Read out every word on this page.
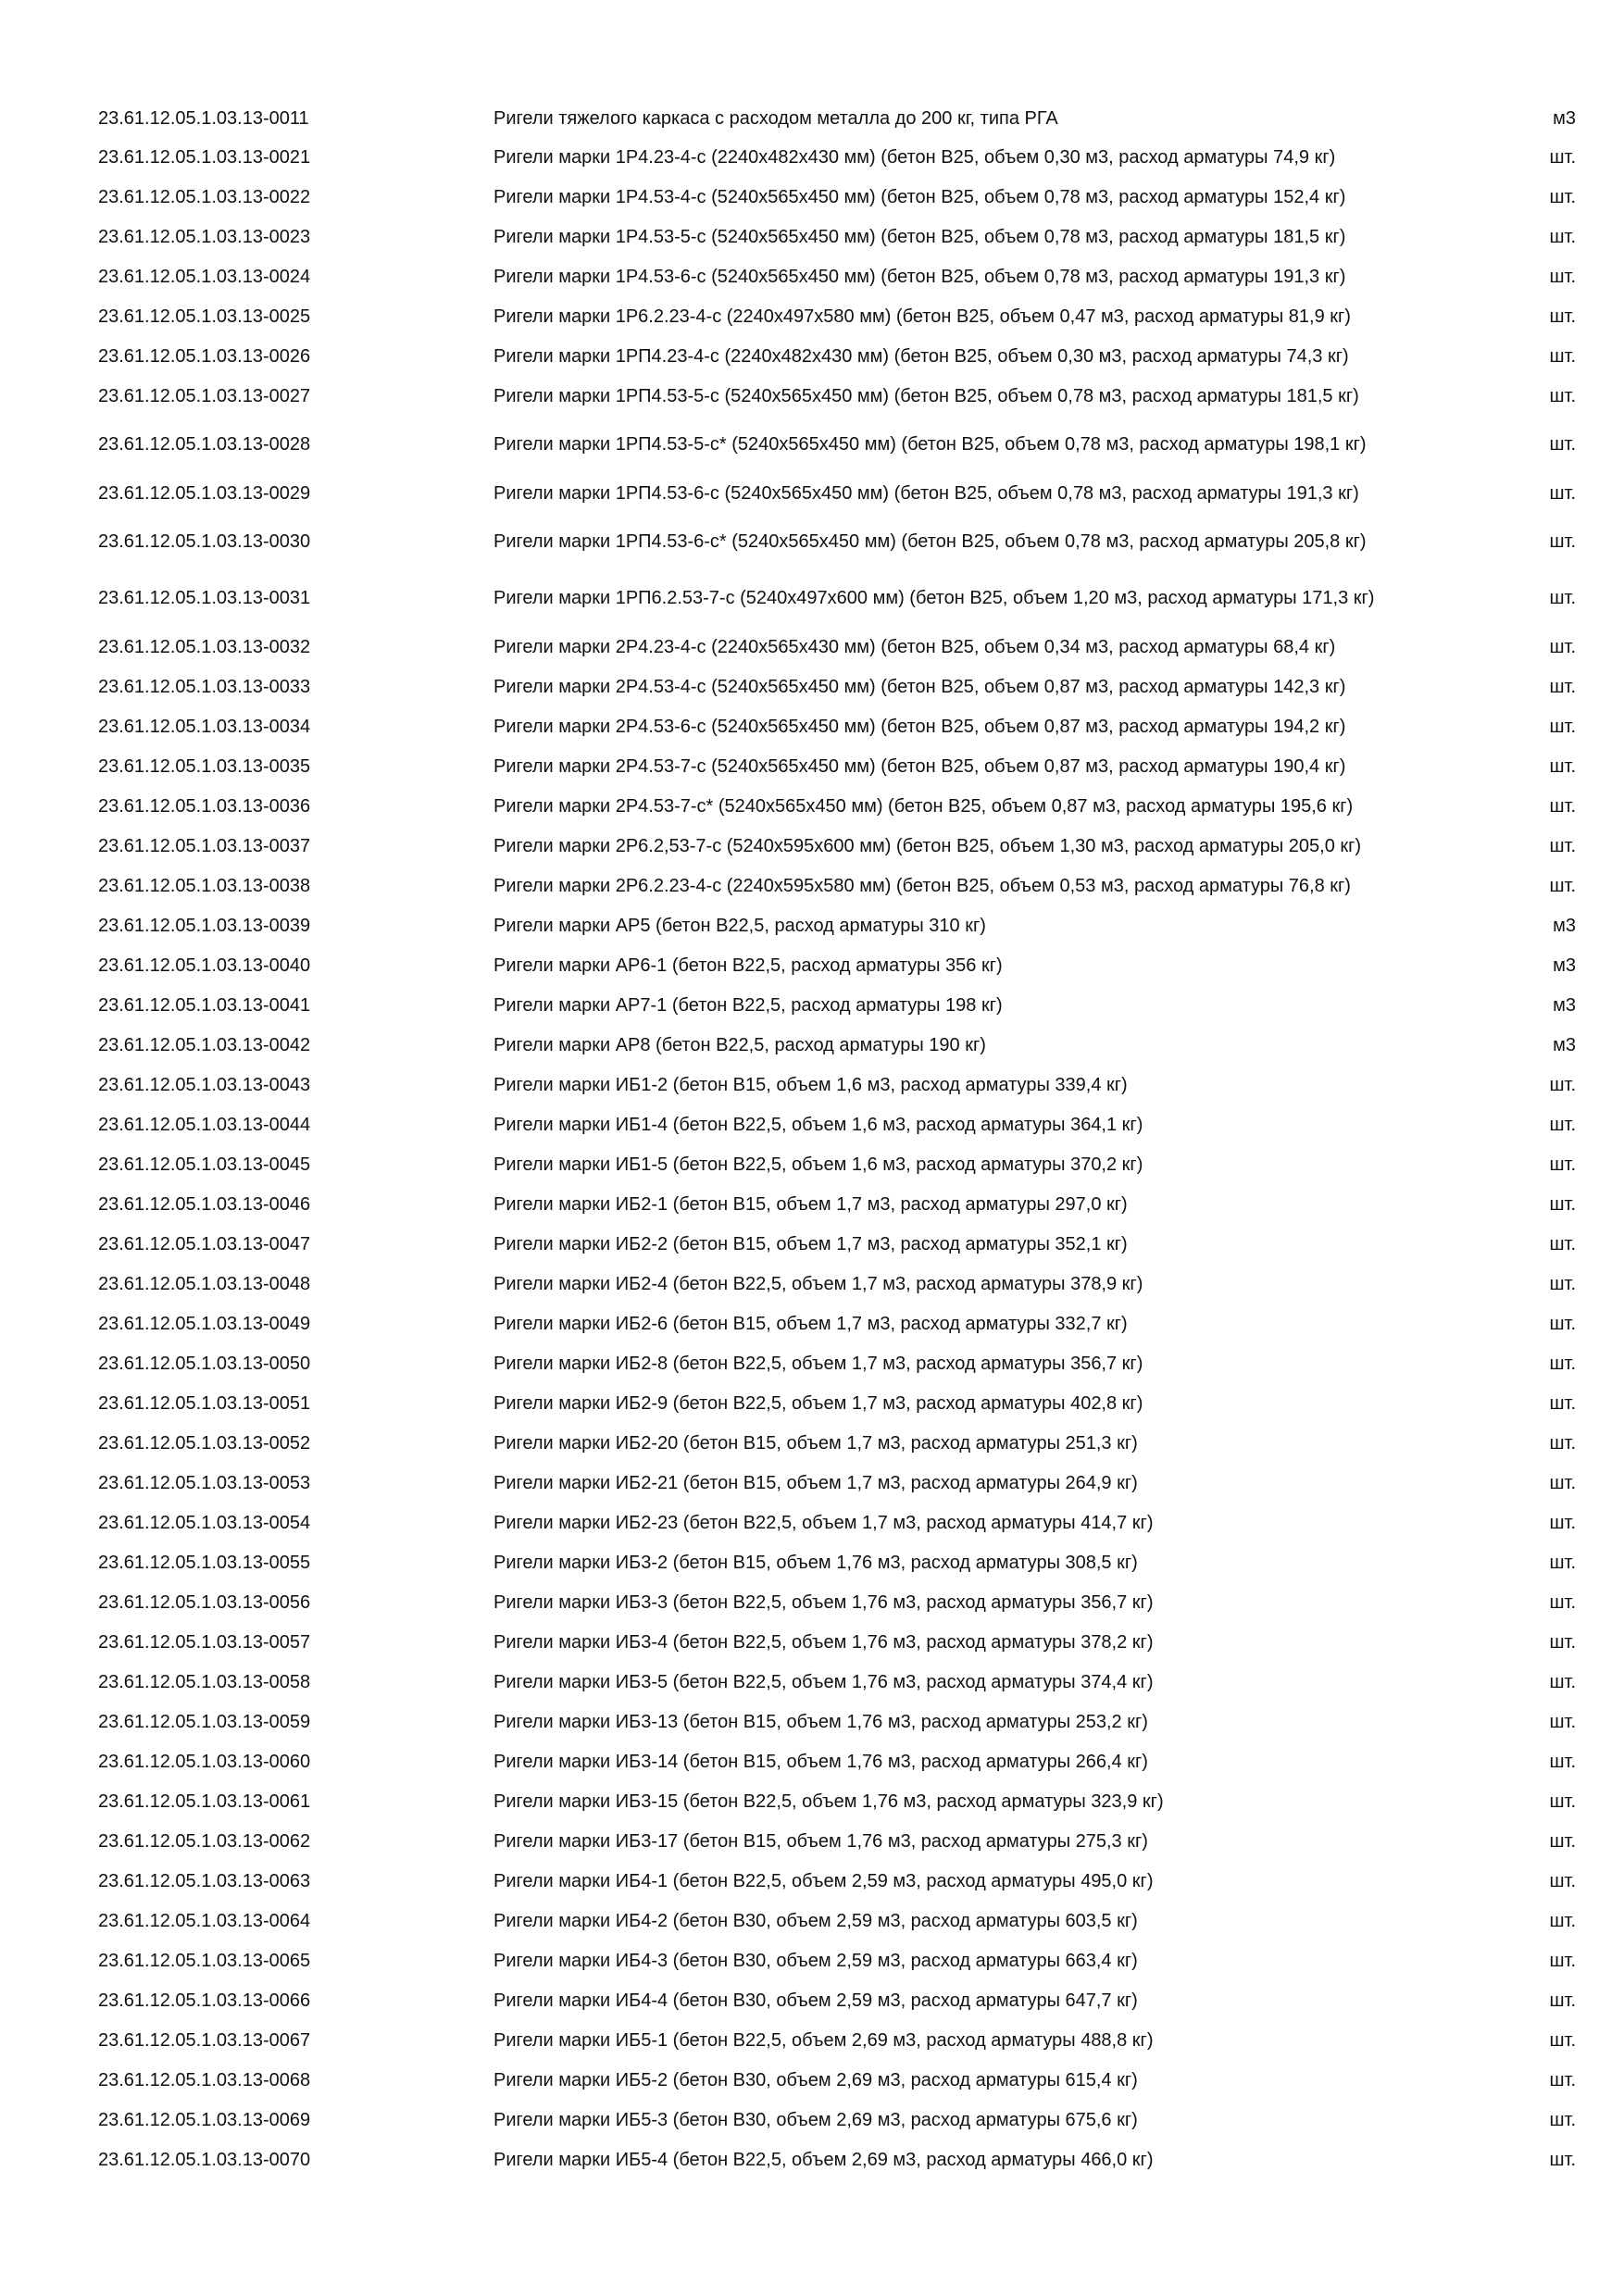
23.61.12.05.1.03.13-0011	Ригели тяжелого каркаса с расходом металла до 200 кг, типа РГА	м3
23.61.12.05.1.03.13-0021	Ригели марки 1Р4.23-4-с (2240х482х430 мм) (бетон В25, объем 0,30 м3, расход арматуры 74,9 кг)	шт.
23.61.12.05.1.03.13-0022	Ригели марки 1Р4.53-4-с (5240х565х450 мм) (бетон В25, объем 0,78 м3, расход арматуры 152,4 кг)	шт.
23.61.12.05.1.03.13-0023	Ригели марки 1Р4.53-5-с (5240х565х450 мм) (бетон В25, объем 0,78 м3, расход арматуры 181,5 кг)	шт.
23.61.12.05.1.03.13-0024	Ригели марки 1Р4.53-6-с (5240х565х450 мм) (бетон В25, объем 0,78 м3, расход арматуры 191,3 кг)	шт.
23.61.12.05.1.03.13-0025	Ригели марки 1Р6.2.23-4-с (2240х497х580 мм) (бетон В25, объем 0,47 м3, расход арматуры 81,9 кг)	шт.
23.61.12.05.1.03.13-0026	Ригели марки 1РП4.23-4-с (2240х482х430 мм) (бетон В25, объем 0,30 м3, расход арматуры 74,3 кг)	шт.
23.61.12.05.1.03.13-0027	Ригели марки 1РП4.53-5-с (5240х565х450 мм) (бетон В25, объем 0,78 м3, расход арматуры 181,5 кг)	шт.
23.61.12.05.1.03.13-0028	Ригели марки 1РП4.53-5-с* (5240х565х450 мм) (бетон В25, объем 0,78 м3, расход арматуры 198,1 кг)	шт.
23.61.12.05.1.03.13-0029	Ригели марки 1РП4.53-6-с (5240х565х450 мм) (бетон В25, объем 0,78 м3, расход арматуры 191,3 кг)	шт.
23.61.12.05.1.03.13-0030	Ригели марки 1РП4.53-6-с* (5240х565х450 мм) (бетон В25, объем 0,78 м3, расход арматуры 205,8 кг)	шт.
23.61.12.05.1.03.13-0031	Ригели марки 1РП6.2.53-7-с (5240х497х600 мм) (бетон В25, объем 1,20 м3, расход арматуры 171,3 кг)	шт.
23.61.12.05.1.03.13-0032	Ригели марки 2Р4.23-4-с (2240х565х430 мм) (бетон В25, объем 0,34 м3, расход арматуры 68,4 кг)	шт.
23.61.12.05.1.03.13-0033	Ригели марки 2Р4.53-4-с (5240х565х450 мм) (бетон В25, объем 0,87 м3, расход арматуры 142,3 кг)	шт.
23.61.12.05.1.03.13-0034	Ригели марки 2Р4.53-6-с (5240х565х450 мм) (бетон В25, объем 0,87 м3, расход арматуры 194,2 кг)	шт.
23.61.12.05.1.03.13-0035	Ригели марки 2Р4.53-7-с (5240х565х450 мм) (бетон В25, объем 0,87 м3, расход арматуры 190,4 кг)	шт.
23.61.12.05.1.03.13-0036	Ригели марки 2Р4.53-7-с* (5240х565х450 мм) (бетон В25, объем 0,87 м3, расход арматуры 195,6 кг)	шт.
23.61.12.05.1.03.13-0037	Ригели марки 2Р6.2,53-7-с (5240х595х600 мм) (бетон В25, объем 1,30 м3, расход арматуры 205,0 кг)	шт.
23.61.12.05.1.03.13-0038	Ригели марки 2Р6.2.23-4-с (2240х595х580 мм) (бетон В25, объем 0,53 м3, расход арматуры 76,8 кг)	шт.
23.61.12.05.1.03.13-0039	Ригели марки АР5 (бетон В22,5, расход арматуры 310 кг)	м3
23.61.12.05.1.03.13-0040	Ригели марки АР6-1 (бетон В22,5, расход арматуры 356 кг)	м3
23.61.12.05.1.03.13-0041	Ригели марки АР7-1 (бетон В22,5, расход арматуры 198 кг)	м3
23.61.12.05.1.03.13-0042	Ригели марки АР8 (бетон В22,5, расход арматуры 190 кг)	м3
23.61.12.05.1.03.13-0043	Ригели марки ИБ1-2 (бетон В15, объем 1,6 м3, расход арматуры 339,4 кг)	шт.
23.61.12.05.1.03.13-0044	Ригели марки ИБ1-4 (бетон В22,5, объем 1,6 м3, расход арматуры 364,1 кг)	шт.
23.61.12.05.1.03.13-0045	Ригели марки ИБ1-5 (бетон В22,5, объем 1,6 м3, расход арматуры 370,2 кг)	шт.
23.61.12.05.1.03.13-0046	Ригели марки ИБ2-1 (бетон В15, объем 1,7 м3, расход арматуры 297,0 кг)	шт.
23.61.12.05.1.03.13-0047	Ригели марки ИБ2-2 (бетон В15, объем 1,7 м3, расход арматуры 352,1 кг)	шт.
23.61.12.05.1.03.13-0048	Ригели марки ИБ2-4 (бетон В22,5, объем 1,7 м3, расход арматуры 378,9 кг)	шт.
23.61.12.05.1.03.13-0049	Ригели марки ИБ2-6 (бетон В15, объем 1,7 м3, расход арматуры 332,7 кг)	шт.
23.61.12.05.1.03.13-0050	Ригели марки ИБ2-8 (бетон В22,5, объем 1,7 м3, расход арматуры 356,7 кг)	шт.
23.61.12.05.1.03.13-0051	Ригели марки ИБ2-9 (бетон В22,5, объем 1,7 м3, расход арматуры 402,8 кг)	шт.
23.61.12.05.1.03.13-0052	Ригели марки ИБ2-20 (бетон В15, объем 1,7 м3, расход арматуры 251,3 кг)	шт.
23.61.12.05.1.03.13-0053	Ригели марки ИБ2-21 (бетон В15, объем 1,7 м3, расход арматуры 264,9 кг)	шт.
23.61.12.05.1.03.13-0054	Ригели марки ИБ2-23 (бетон В22,5, объем 1,7 м3, расход арматуры 414,7 кг)	шт.
23.61.12.05.1.03.13-0055	Ригели марки ИБ3-2 (бетон В15, объем 1,76 м3, расход арматуры 308,5 кг)	шт.
23.61.12.05.1.03.13-0056	Ригели марки ИБ3-3 (бетон В22,5, объем 1,76 м3, расход арматуры 356,7 кг)	шт.
23.61.12.05.1.03.13-0057	Ригели марки ИБ3-4 (бетон В22,5, объем 1,76 м3, расход арматуры 378,2 кг)	шт.
23.61.12.05.1.03.13-0058	Ригели марки ИБ3-5 (бетон В22,5, объем 1,76 м3, расход арматуры 374,4 кг)	шт.
23.61.12.05.1.03.13-0059	Ригели марки ИБ3-13 (бетон В15, объем 1,76 м3, расход арматуры 253,2 кг)	шт.
23.61.12.05.1.03.13-0060	Ригели марки ИБ3-14 (бетон В15, объем 1,76 м3, расход арматуры 266,4 кг)	шт.
23.61.12.05.1.03.13-0061	Ригели марки ИБ3-15 (бетон В22,5, объем 1,76 м3, расход арматуры 323,9 кг)	шт.
23.61.12.05.1.03.13-0062	Ригели марки ИБ3-17 (бетон В15, объем 1,76 м3, расход арматуры 275,3 кг)	шт.
23.61.12.05.1.03.13-0063	Ригели марки ИБ4-1 (бетон В22,5, объем 2,59 м3, расход арматуры 495,0 кг)	шт.
23.61.12.05.1.03.13-0064	Ригели марки ИБ4-2 (бетон В30, объем 2,59 м3, расход арматуры 603,5 кг)	шт.
23.61.12.05.1.03.13-0065	Ригели марки ИБ4-3 (бетон В30, объем 2,59 м3, расход арматуры 663,4 кг)	шт.
23.61.12.05.1.03.13-0066	Ригели марки ИБ4-4 (бетон В30, объем 2,59 м3, расход арматуры 647,7 кг)	шт.
23.61.12.05.1.03.13-0067	Ригели марки ИБ5-1 (бетон В22,5, объем 2,69 м3, расход арматуры 488,8 кг)	шт.
23.61.12.05.1.03.13-0068	Ригели марки ИБ5-2 (бетон В30, объем 2,69 м3, расход арматуры 615,4 кг)	шт.
23.61.12.05.1.03.13-0069	Ригели марки ИБ5-3 (бетон В30, объем 2,69 м3, расход арматуры 675,6 кг)	шт.
23.61.12.05.1.03.13-0070	Ригели марки ИБ5-4 (бетон В22,5, объем 2,69 м3, расход арматуры 466,0 кг)	шт.
